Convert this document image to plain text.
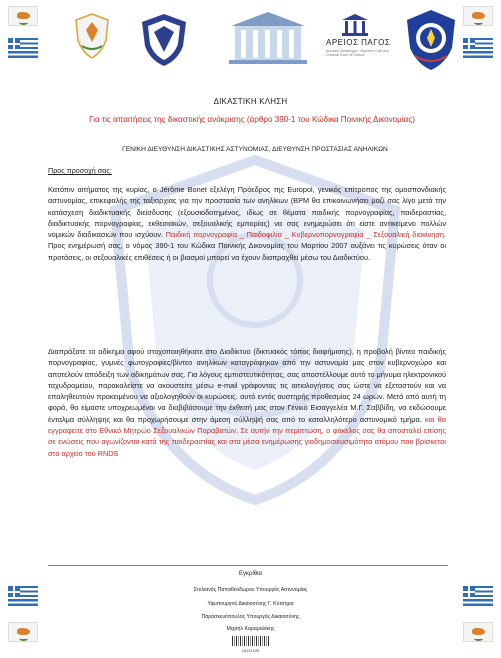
ΑΡΕΙΟΣ ΠΑΓΟΣ
Ανώτατο Δικαστήριο / Supreme Civil and Criminal Court of Greece
ΔΙΚΑΣΤΙΚΗ ΚΛΗΣΗ
Για τις απαιτήσεις της δικαστικής ανάκρισης (άρθρο 390-1 του Κώδικα Ποινικής Δικονομίας)
ΓΕΝΙΚΗ ΔΙΕΥΘΥΝΣΗ ΔΙΚΑΣΤΙΚΗΣ ΑΣΤΥΝΟΜΙΑΣ, ΔΙΕΥΘΥΝΣΗ ΠΡΟΣΤΑΣΙΑΣ ΑΝΗΛΙΚΩΝ
Προς προσοχή σας:
Κατόπιν αιτήματος της κυρίας, ο Jérôme Bonet εξελέγη Πρόεδρος της Europol, γενικός επίτροπος της ομοσπονδιακής αστυνομίας, επικεφαλής της ταξιαρχίας για την προστασία των ανηλίκων (BPM θα επικοινωνήσει μαζί σας λίγο μετά την κατάσχεση διαδικτυακής διείσδυσης (εξουσιοδοτημένος, ιδίως σε θέματα παιδικής πορνογραφίας, παιδεραστίας, διαδικτυακής πορνογραφίας, εκθεσιακών, σεξουαλικής εμπορίας) να σας ενημερώσει ότι είστε αντικείμενο πολλών νομικών διαδικασιών που ισχύουν. Παιδική πορνογραφία _ Παιδοφιλία _ Κυβερνοπορνογραφία _ Σεξουαλική διακίνηση. Προς ενημέρωσή σας, ο νόμος 390-1 του Κώδικα Ποινικής Δικονομίας του Μαρτίου 2007 αυξάνει τις κυρώσεις όταν οι προτάσεις, οι σεξουαλικές επιθέσεις ή οι βιασμοί μπορεί να έχουν διαπραχθεί μέσω του Διαδικτύου.
Διαπράξατε το αδίκημα αφού στοχοποιηθήκατε στο Διαδίκτυο (δικτυακός τόπος διαφήμισης), η προβολή βίντεο παιδικής πορνογραφίας, γυμνές φωτογραφίες/βίντεο ανηλίκων καταγράφηκαν από την αστυνομία μας στον κυβερνοχώρο και αποτελούν απόδειξη των αδικημάτων σας. Για λόγους εμπιστευτικότητας, σας αποστέλλουμε αυτό το μήνυμα ηλεκτρονικού ταχυδρομείου, παρακαλείστε να ακουστείτε μέσω e-mail γράφοντας τις αιτιολογήσεις σας ώστε να εξεταστούν και να επαληθευτούν προκειμένου να αξιολογηθούν οι κυρώσεις. αυτό εντός αυστηρής προθεσμίας 24 ωρών. Μετά από αυτή τη φορά, θα είμαστε υποχρεωμένοι να διαβιβάσουμε την έκθεσή μας στον Γενικό Εισαγγελέα Μ.Γ. Σαββίδη, να εκδώσουμε ένταλμα σύλληψης και θα προχωρήσουμε στην άμεση σύλληψή σας από το καταλληλότερο αστυνομικό τμήμα. και θα εγγραφείτε στο Εθνικό Μητρώο Σεξουαλικών Παραβατών. Σε αυτήν την περίπτωση, ο φάκελος σας θα αποσταλεί επίσης σε ενώσεις που αγωνίζονται κατά της παιδεραστίας και στα μέσα ενημέρωσης γιαδημοσιευσιμότητα ατόμου που βρίσκεται στο αρχείο του RNDS
Εγκρίθια
Στυλιανός Παπαθεοδώρου Υπουργός Αστυνομίας
Υφυπουργού Δικαιοσύνης Γ. Κύτσηρα
Παρασκευόπουλος Υπουργός Δικαιοσύνης
Μιχαήλ Καραμαλίκης
18131026
